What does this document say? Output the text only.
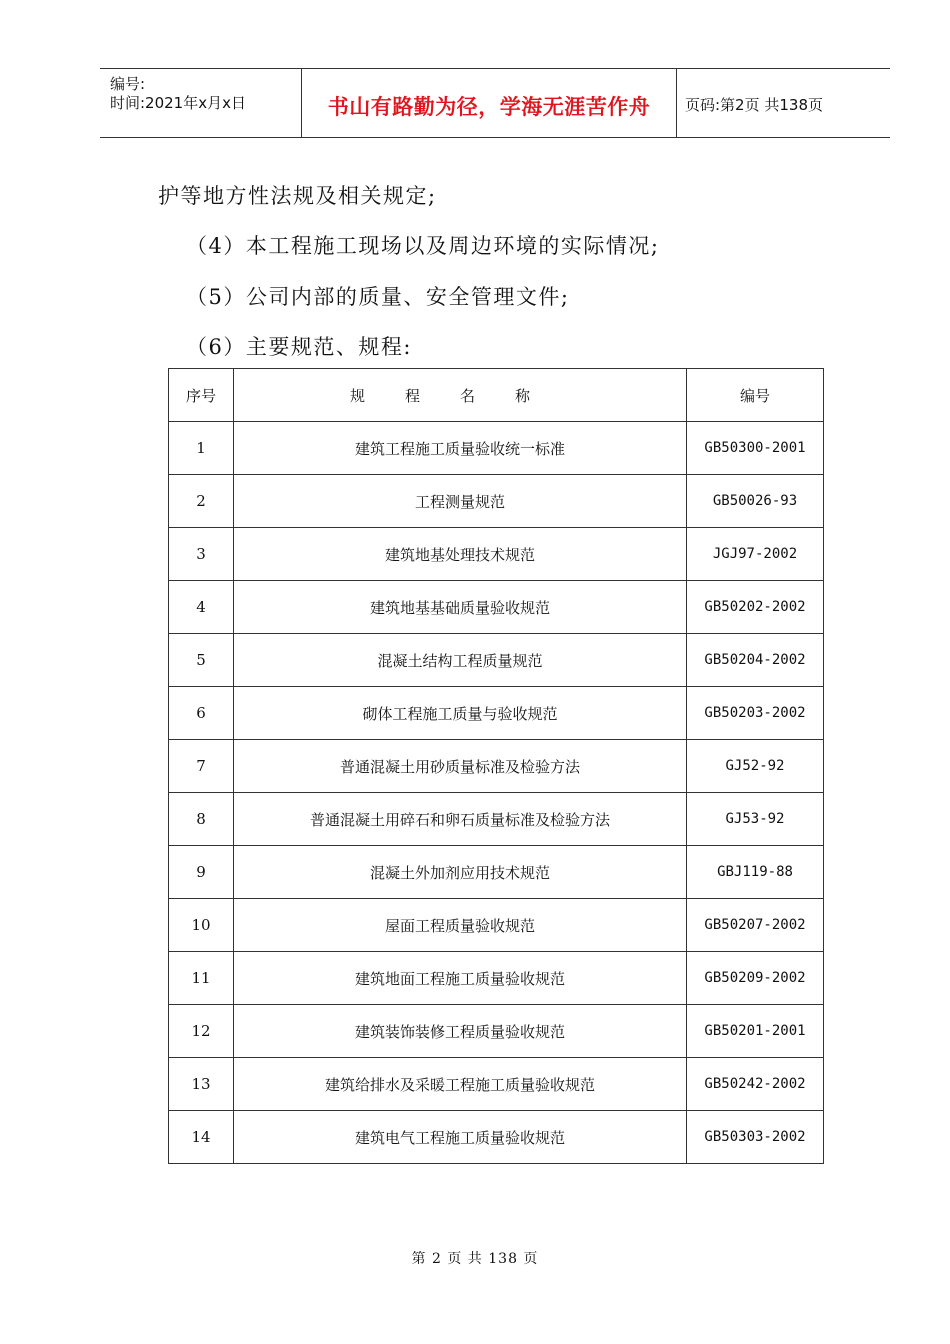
编号:
时间:2021年x月x日	书山有路勤为径，学海无涯苦作舟	页码:第2页 共138页
护等地方性法规及相关规定;
（4）本工程施工现场以及周边环境的实际情况;
（5）公司内部的质量、安全管理文件;
（6）主要规范、规程:
序号	规程名称	编号
1	建筑工程施工质量验收统一标准	GB50300-2001
2	工程测量规范	GB50026-93
3	建筑地基处理技术规范	JGJ97-2002
4	建筑地基基础质量验收规范	GB50202-2002
5	混凝土结构工程质量规范	GB50204-2002
6	砌体工程施工质量与验收规范	GB50203-2002
7	普通混凝土用砂质量标准及检验方法	GJ52-92
8	普通混凝土用碎石和卵石质量标准及检验方法	GJ53-92
9	混凝土外加剂应用技术规范	GBJ119-88
10	屋面工程质量验收规范	GB50207-2002
11	建筑地面工程施工质量验收规范	GB50209-2002
12	建筑装饰装修工程质量验收规范	GB50201-2001
13	建筑给排水及采暖工程施工质量验收规范	GB50242-2002
14	建筑电气工程施工质量验收规范	GB50303-2002
第 2 页 共 138 页
